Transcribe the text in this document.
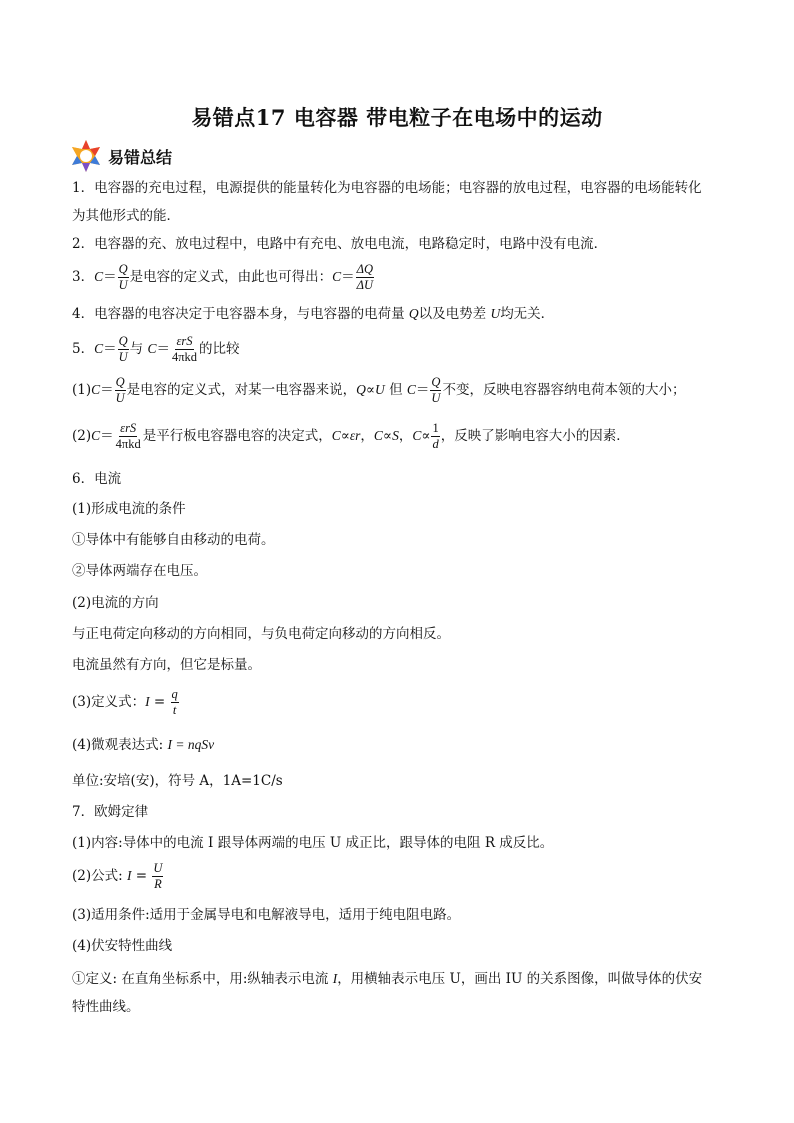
易错点17 电容器 带电粒子在电场中的运动
易错总结
1．电容器的充电过程，电源提供的能量转化为电容器的电场能；电容器的放电过程，电容器的电场能转化
为其他形式的能．
2．电容器的充、放电过程中，电路中有充电、放电电流，电路稳定时，电路中没有电流．
3．$C= \frac{Q}{U}$ 是电容的定义式，由此也可得出：$C= \frac{\Delta Q}{\Delta U}$
4．电容器的电容决定于电容器本身，与电容器的电荷量 Q以及电势差 U均无关．
5．$C= \frac{Q}{U}$ 与 $C= \frac{\text{εrS}}{\text{4πkd}}$ 的比较
$(1)C= \frac{Q}{U}$ 是电容的定义式，对某一电容器来说，Q∝U 但 $C= \frac{Q}{U}$ 不变，反映电容器容纳电荷本领的大小；
$(2)C= \frac{\text{εrS}}{\text{4πkd}}$ 是平行板电容器电容的决定式，C∝εr，C∝S，$C\propto \frac{1}{d}$ ，反映了影响电容大小的因素．
6．电流
(1)形成电流的条件
①导体中有能够自由移动的电荷。
②导体两端存在电压。
(2)电流的方向
与正电荷定向移动的方向相同，与负电荷定向移动的方向相反。
电流虽然有方向，但它是标量。
(3)定义式：$I = \frac{q}{t}$
(4)微观表达式: I = nqSv
单位:安培(安)，符号 A，1A=1C/s
7．欧姆定律
(1)内容:导体中的电流 I 跟导体两端的电压 U 成正比，跟导体的电阻 R 成反比。
(2)公式: $I = \frac{U}{R}$
(3)适用条件:适用于金属导电和电解液导电，适用于纯电阻电路。
(4)伏安特性曲线
①定义: 在直角坐标系中，用:纵轴表示电流 I，用横轴表示电压 U，画出 IU 的关系图像，叫做导体的伏安
特性曲线。
